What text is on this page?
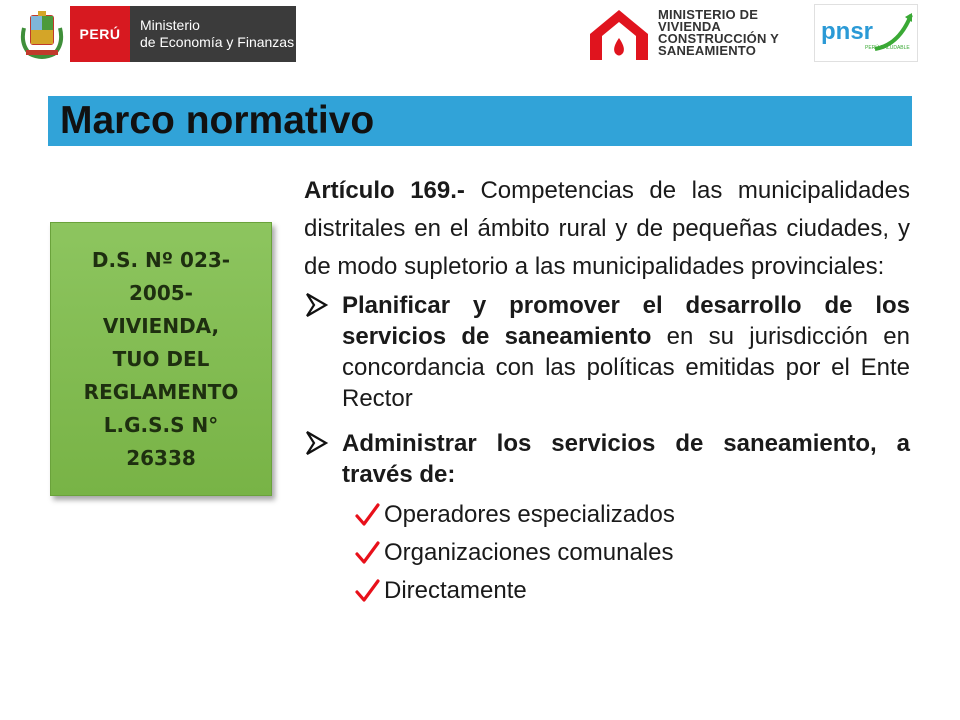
PERÚ
Ministerio
de Economía y Finanzas
MINISTERIO DE
VIVIENDA
CONSTRUCCIÓN Y
SANEAMIENTO
pnsr
PERÚ SALUDABLE
Marco normativo
D.S. Nº 023-
2005-
VIVIENDA,
TUO DEL
REGLAMENTO
L.G.S.S N°
26338

Artículo 169.- Competencias de las municipalidades distritales en el ámbito rural y de pequeñas ciudades, y de modo supletorio a las municipalidades provinciales:

Planificar y promover el desarrollo de los servicios de saneamiento en su jurisdicción en concordancia con las políticas emitidas por el Ente Rector
Administrar los servicios de saneamiento, a través de:
Operadores especializados
Organizaciones comunales
Directamente
